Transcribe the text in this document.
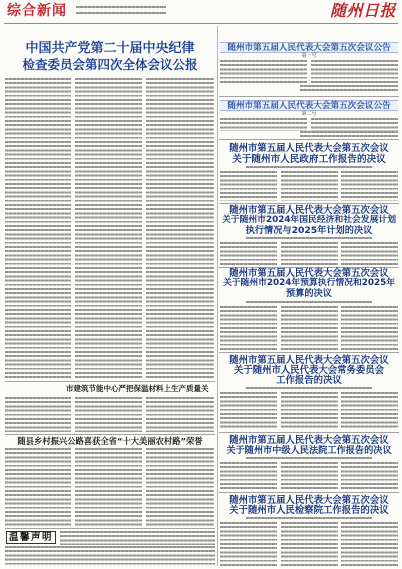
综合新闻	随州日报
中国共产党第二十届中央纪律
检查委员会第四次全体会议公报
市建筑节能中心严把保温材料上生产质量关
随县乡村振兴公路喜获全省“十大美丽农村路”荣誉
温馨声明
随州市第五届人民代表大会第五次会议公告
第一号
随州市第五届人民代表大会第五次会议公告
第二号
随州市第五届人民代表大会第五次会议
关于随州市人民政府工作报告的决议
随州市第五届人民代表大会第五次会议
关于随州市2024年国民经济和社会发展计划
执行情况与2025年计划的决议
随州市第五届人民代表大会第五次会议
关于随州市2024年预算执行情况和2025年
预算的决议
随州市第五届人民代表大会第五次会议
关于随州市人民代表大会常务委员会
工作报告的决议
随州市第五届人民代表大会第五次会议
关于随州市中级人民法院工作报告的决议
随州市第五届人民代表大会第五次会议
关于随州市人民检察院工作报告的决议
